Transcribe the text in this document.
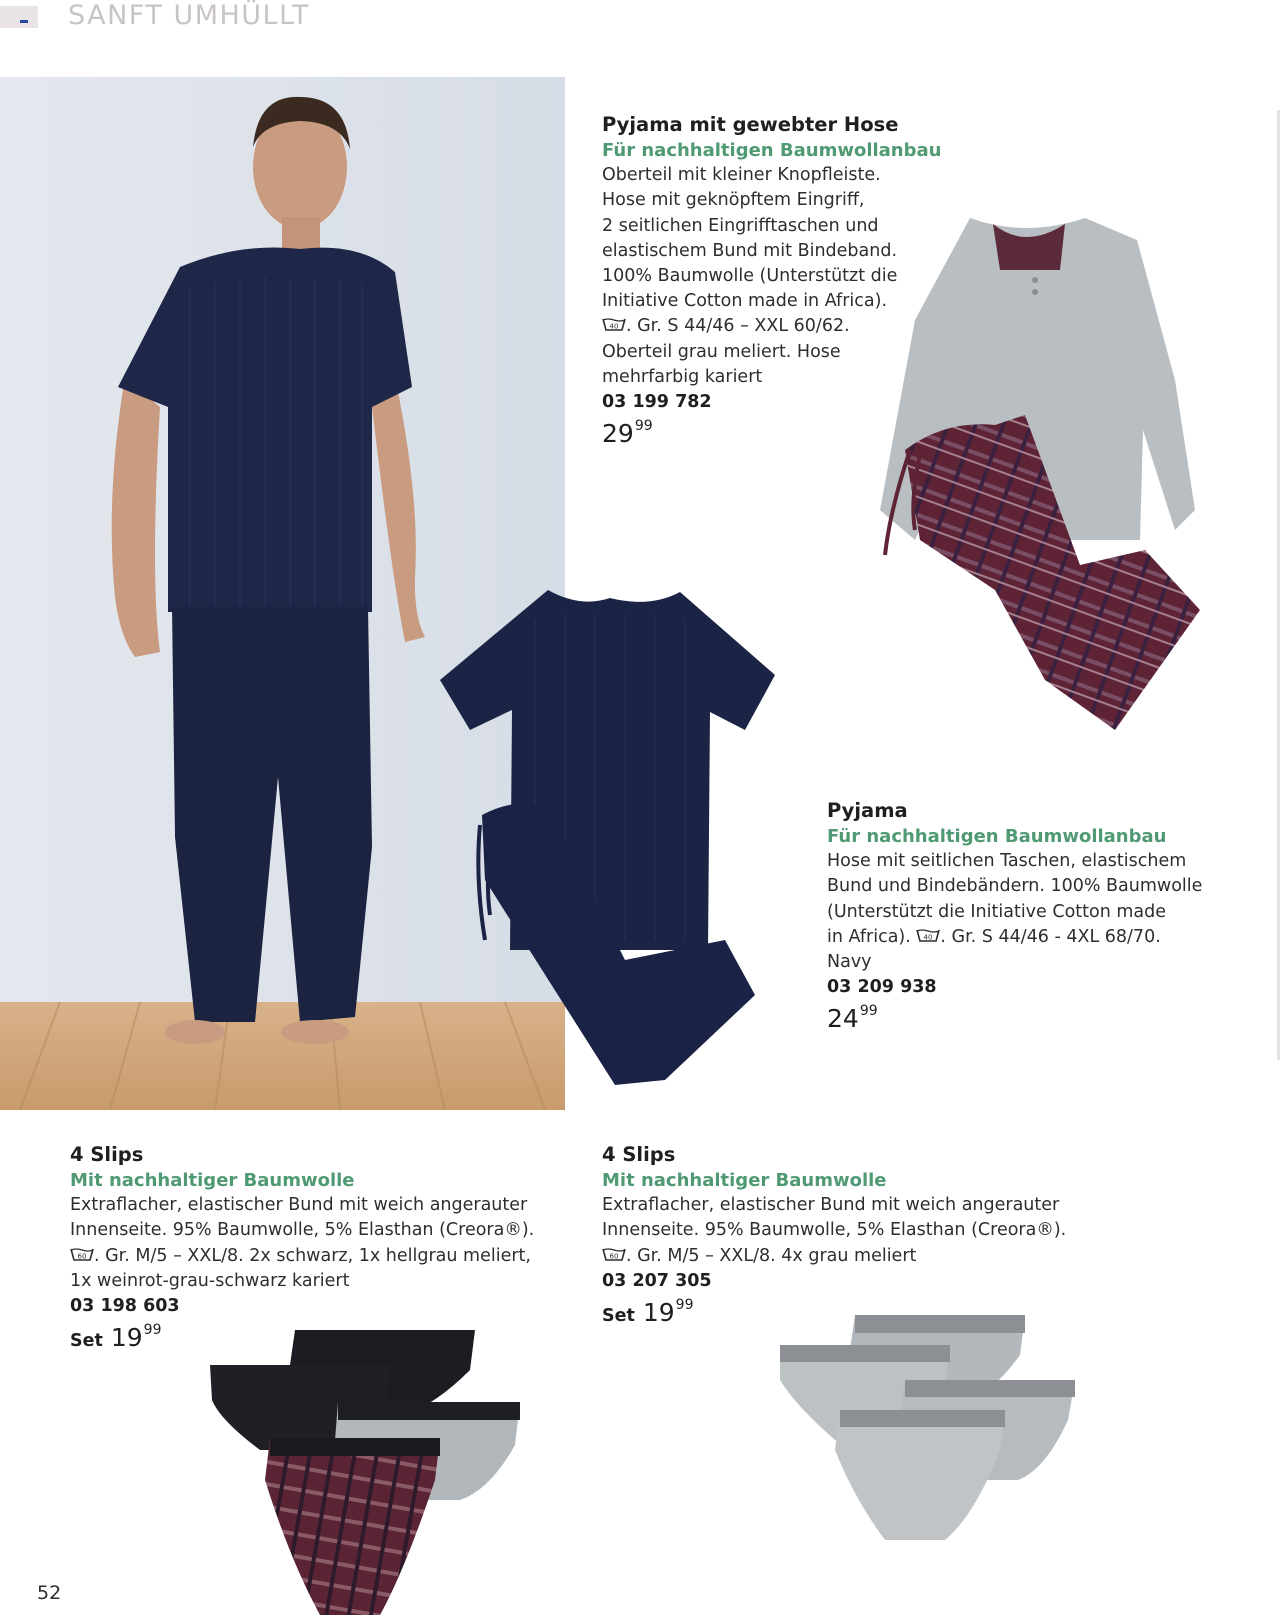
SANFT UMHÜLLT
Pyjama mit gewebter Hose
Für nachhaltigen Baumwollanbau
Oberteil mit kleiner Knopfleiste.
Hose mit geknöpftem Eingriff,
2 seitlichen Eingrifftaschen und
elastischem Bund mit Bindeband.
100% Baumwolle (Unterstützt die
Initiative Cotton made in Africa).

40 . Gr. S 44/46 – XXL 60/62.
Oberteil grau meliert. Hose
mehrfarbig kariert
03 199 782
$29^{99}$
Pyjama
Für nachhaltigen Baumwollanbau
Hose mit seitlichen Taschen, elastischem
Bund und Bindebändern. 100% Baumwolle
(Unterstützt die Initiative Cotton made
in Africa). 40 . Gr. S 44/46 - 4XL 68/70.
Navy
03 209 938
$24^{99}$
4 Slips
Mit nachhaltiger Baumwolle
Extraflacher, elastischer Bund mit weich angerauter
Innenseite. 95% Baumwolle, 5% Elasthan (Creora®).

60 . Gr. M/5 – XXL/8. 2x schwarz, 1x hellgrau meliert,
1x weinrot-grau-schwarz kariert
03 198 603
Set $19^{99}$
4 Slips
Mit nachhaltiger Baumwolle
Extraflacher, elastischer Bund mit weich angerauter
Innenseite. 95% Baumwolle, 5% Elasthan (Creora®).

60 . Gr. M/5 – XXL/8. 4x grau meliert
03 207 305
Set $19^{99}$
52
